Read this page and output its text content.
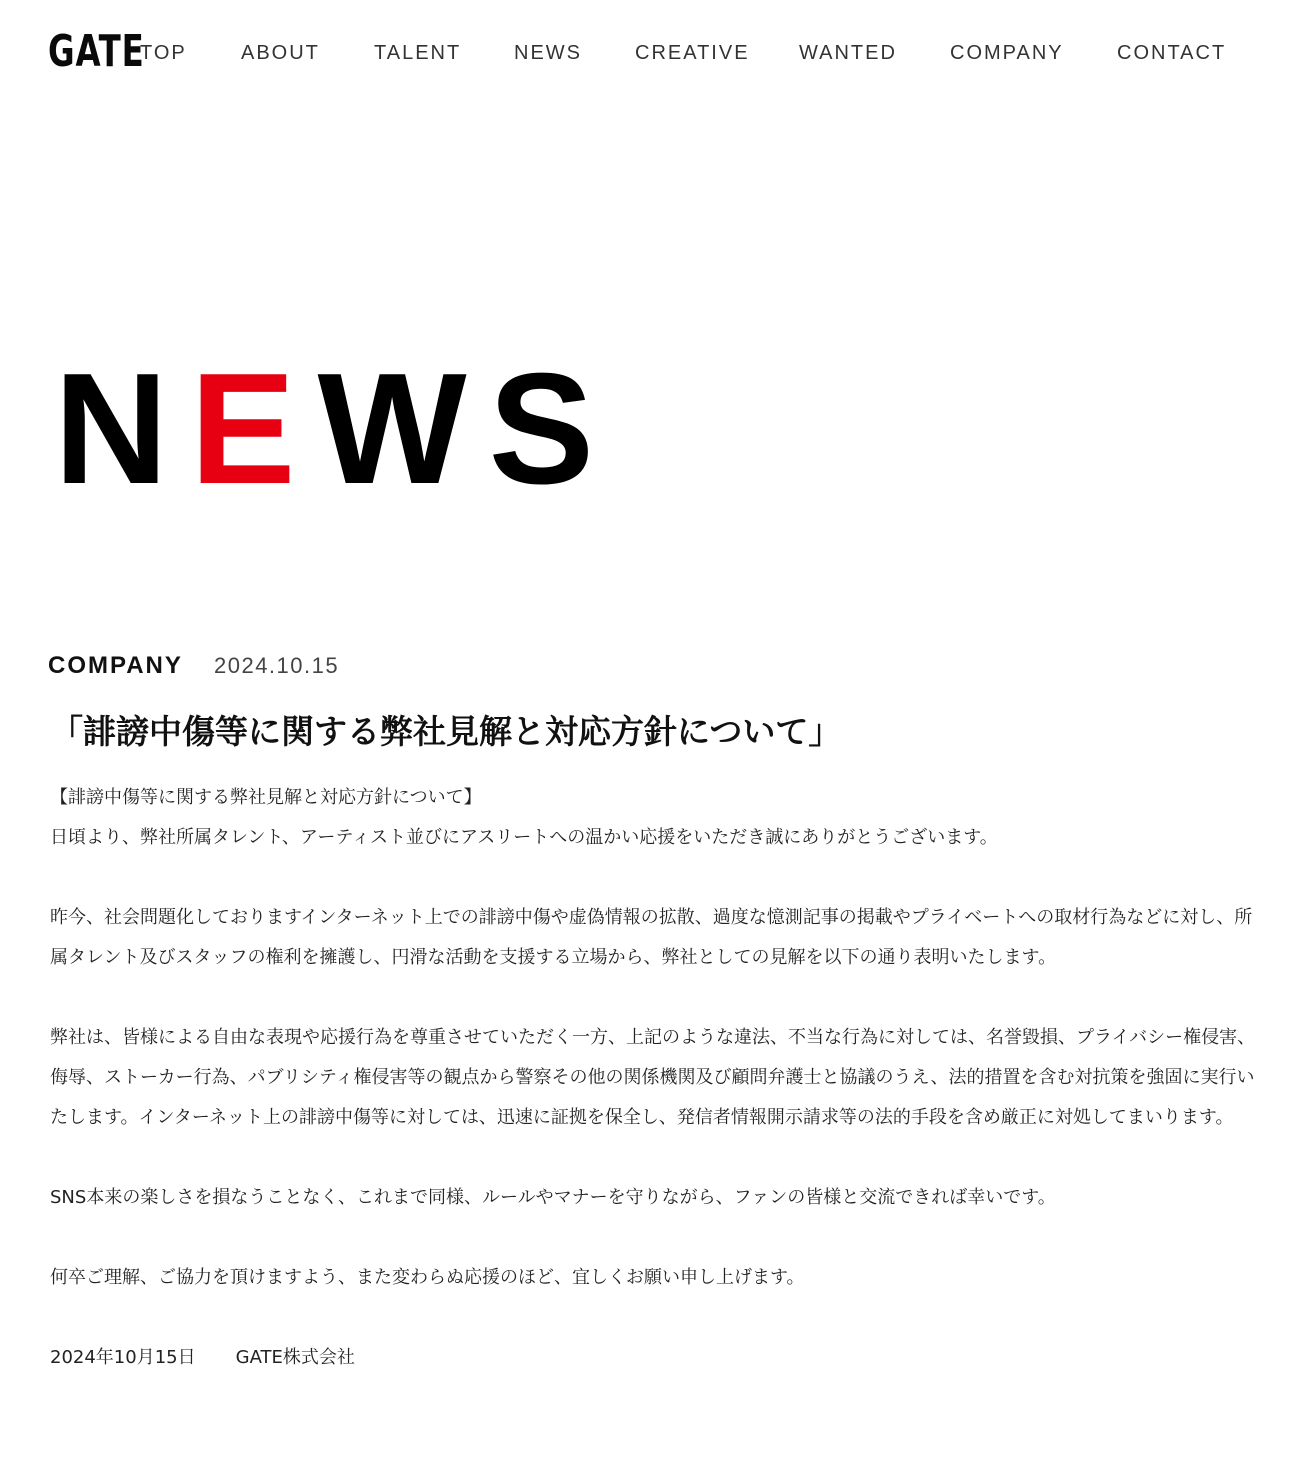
GATE
TOP	ABOUT	TALENT	NEWS	CREATIVE WANTED	COMPANY	CONTACT
NEWS
COMPANY 2024.10.15
「誹謗中傷等に関する弊社見解と対応方針について」

【誹謗中傷等に関する弊社見解と対応方針について】

日頃より、弊社所属タレント、アーティスト並びにアスリートへの温かい応援をいただき誠にありがとうございます。

昨今、社会問題化しておりますインターネット上での誹謗中傷や虚偽情報の拡散、過度な憶測記事の掲載やプライベートへの取材行為などに対し、所属タレント及びスタッフの権利を擁護し、円滑な活動を支援する立場から、弊社としての見解を以下の通り表明いたします。

弊社は、皆様による自由な表現や応援行為を尊重させていただく一方、上記のような違法、不当な行為に対しては、名誉毀損、プライバシー権侵害、侮辱、ストーカー行為、パブリシティ権侵害等の観点から警察その他の関係機関及び顧問弁護士と協議のうえ、法的措置を含む対抗策を強固に実行いたします。インターネット上の誹謗中傷等に対しては、迅速に証拠を保全し、発信者情報開示請求等の法的手段を含め厳正に対処してまいります。

SNS本来の楽しさを損なうことなく、これまで同様、ルールやマナーを守りながら、ファンの皆様と交流できれば幸いです。

何卒ご理解、ご協力を頂けますよう、また変わらぬ応援のほど、宜しくお願い申し上げます。

2024年10月15日 GATE株式会社
